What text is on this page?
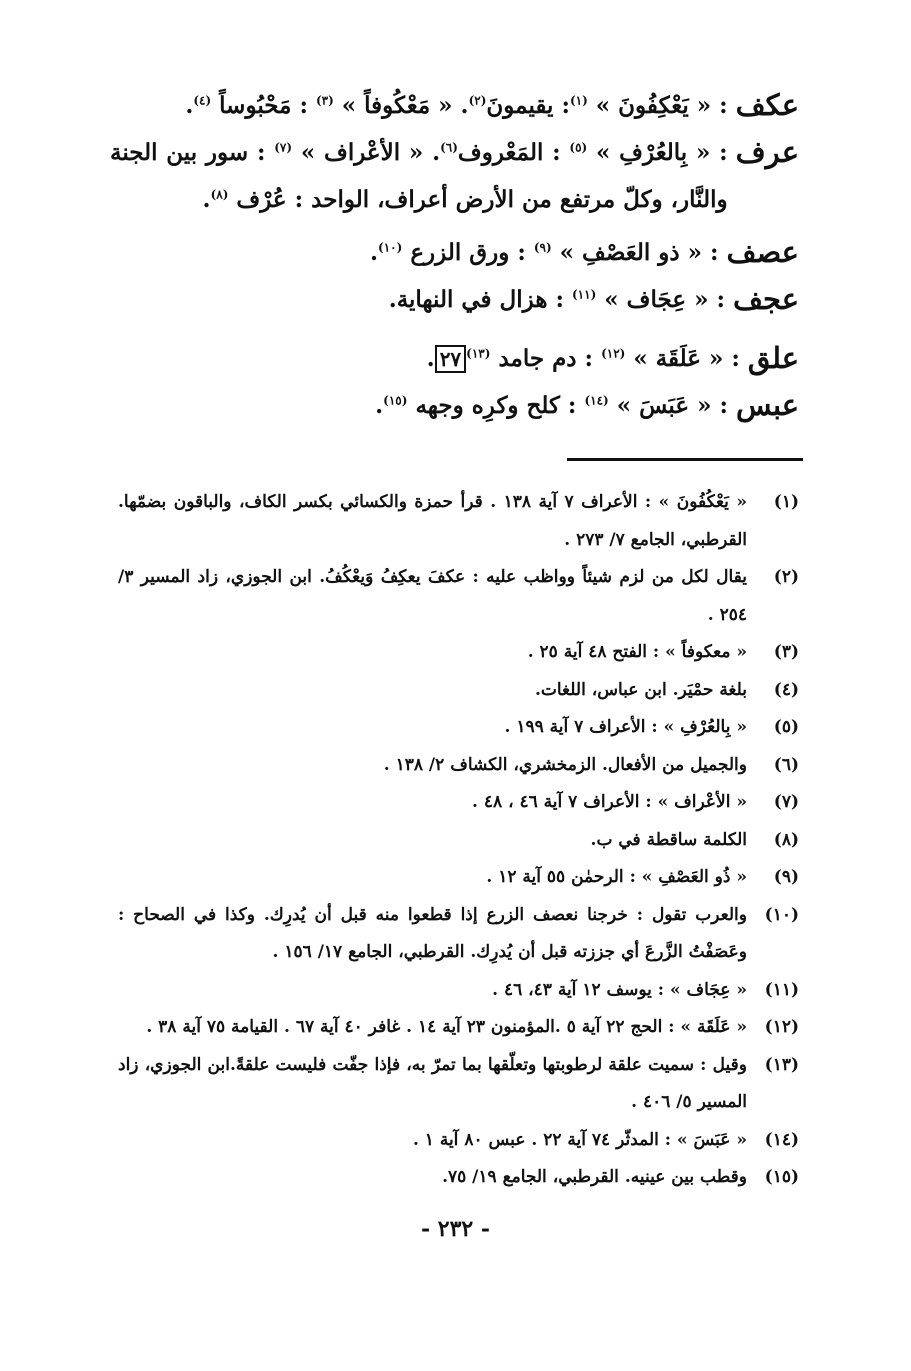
عكف
: « يَعْكِفُونَ » $^{(١)}$: يقيمونَ$^{(٢)}$. « مَعْكُوفاً » $^{(٣)}$ : مَحْبُوساً $^{(٤)}$.
عرف
: « بِالعُرْفِ » $^{(٥)}$ : المَعْروف$^{(٦)}$. « الأعْراف » $^{(٧)}$ : سور بين الجنة والنَّار، وكلّ مرتفع من الأرض أعراف، الواحد : عُرْف $^{(٨)}$.
عصف
: « ذو العَصْفِ » $^{(٩)}$ : ورق الزرع $^{(١٠)}$.
عجف
: « عِجَاف » $^{(١١)}$ : هزال في النهاية.
علق
: « عَلَقَة » $^{(١٢)}$ : دم جامد $^{(١٣)}$٢٧.
عبس
: « عَبَسَ » $^{(١٤)}$ : كلح وكرِه وجهه $^{(١٥)}$.
(١)
« يَعْكُفُونَ » : الأعراف ٧ آية ١٣٨ . قرأ حمزة والكسائي بكسر الكاف، والباقون بضمّها. القرطبي، الجامع ٧/ ٢٧٣ .
(٢)
يقال لكل من لزم شيئاً وواظب عليه : عكفَ يعكِفُ وَيعْكُفُ. ابن الجوزي، زاد المسير ٣/ ٢٥٤ .
(٣)
« معكوفاً » : الفتح ٤٨ آية ٢٥ .
(٤)
بلغة حمْيَر. ابن عباس، اللغات.
(٥)
« بِالعُرْفِ » : الأعراف ٧ آية ١٩٩ .
(٦)
والجميل من الأفعال. الزمخشري، الكشاف ٢/ ١٣٨ .
(٧)
« الأعْراف » : الأعراف ٧ آية ٤٦ ، ٤٨ .
(٨)
الكلمة ساقطة في ب.
(٩)
« ذُو العَصْفِ » : الرحمٰن ٥٥ آية ١٢ .
(١٠)
والعرب تقول : خرجنا نعصف الزرع إذا قطعوا منه قبل أن يُدرِك. وكذا في الصحاح : وعَصَفْتُ الزَّرعَ أي جززته قبل أن يُدرِك. القرطبي، الجامع ١٧/ ١٥٦ .
(١١)
« عِجَاف » : يوسف ١٢ آية ٤٣، ٤٦ .
(١٢)
« عَلَقَة » : الحج ٢٢ آية ٥ .المؤمنون ٢٣ آية ١٤ . غافر ٤٠ آية ٦٧ . القيامة ٧٥ آية ٣٨ .
(١٣)
وقيل : سميت علقة لرطوبتها وتعلّقها بما تمرّ به، فإذا جفّت فليست علقةً.ابن الجوزي، زاد المسير ٥/ ٤٠٦ .
(١٤)
« عَبَسَ » : المدثّر ٧٤ آية ٢٢ . عبس ٨٠ آية ١ .
(١٥)
وقطب بين عينيه. القرطبي، الجامع ١٩/ ٧٥.
- ٢٣٢ -
